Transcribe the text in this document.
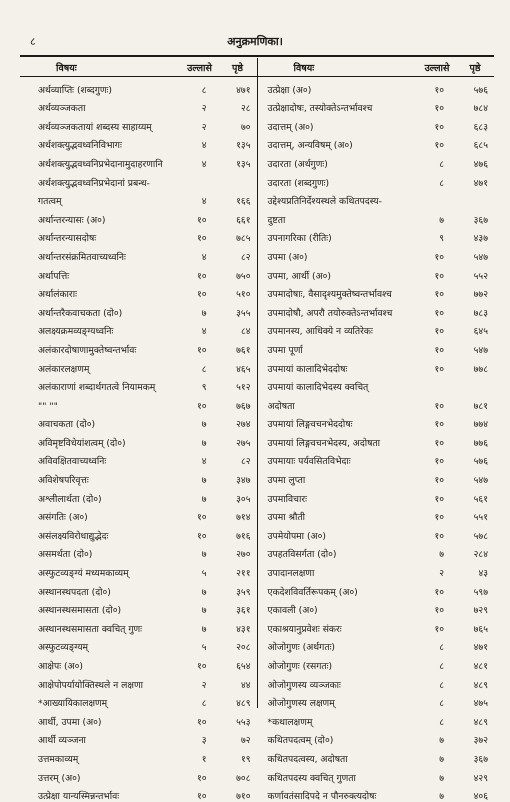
८	अनुक्रमणिका।
विषयः	उल्लासे	पृष्ठे
अर्थव्याप्तिः (शब्दगुणः)	८	४७१
अर्थव्यञ्जकता	२	२८
अर्थव्यञ्जकतायां शब्दस्य साहाय्यम्	२	७०
अर्थशक्त्युद्भवध्वनिविभागः	४	१३५
अर्थशक्त्युद्भवध्वनिप्रभेदानामुदाहरणानि	४	१३५
अर्थशक्त्युद्भवध्वनिप्रभेदानां प्रबन्ध-
गतत्वम्	४	१६६
अर्थान्तरन्यासः (अ०)	१०	६६१
अर्थान्तरन्यासदोषः	१०	७८५
अर्थान्तरसंक्रमितवाच्यध्वनिः	४	८२
अर्थापत्तिः	१०	७५०
अर्थालंकाराः	१०	५१०
अर्थान्तरैकवाचकता (दो०)	७	३५५
अलक्ष्यक्रमव्यङ्ग्यध्वनिः	४	८४
अलंकारदोषाणामुक्तेष्वन्तर्भावः	१०	७६१
अलंकारलक्षणम्	८	४६५
अलंकाराणां शब्दार्थगतत्वे नियामकम्	९	५१२
"" ""	१०	७६७
अवाचकता (दो०)	७	२७४
अविमृष्टविधेयांशत्वम् (दो०)	७	२७५
अविवक्षितवाच्यध्वनिः	४	८२
अविशेषपरिवृत्तः	७	३४७
अश्लीलार्थता (दो०)	७	३०५
असंगतिः (अ०)	१०	७१४
असंलक्ष्यविरोधाद्युद्भेदः	१०	७१६
असमर्थता (दो०)	७	२७०
अस्फुटव्यङ्ग्यं मध्यमकाव्यम्	५	२११
अस्थानस्थपदता (दो०)	७	३५९
अस्थानस्थसमासता (दो०)	७	३६१
अस्थानस्थसमासता क्वचित् गुणः	७	४३१
अस्फुटव्यङ्ग्यम्	५	२०८
आक्षेपः (अ०)	१०	६५४
आक्षेपोपर्यायोक्तिस्थले न लक्षणा	२	४४
*आख्यायिकालक्षणम्	८	४८९
आर्थी, उपमा (अ०)	१०	५५३
आर्थी व्यञ्जना	३	७२
उत्तमकाव्यम्	१	१९
उत्तरम् (अ०)	१०	७०८
उत्प्रेक्षा यान्यस्मिन्नन्तर्भावः	१०	७१०
विषयः	उल्लासे	पृष्ठे
उत्प्रेक्षा (अ०)	१०	५७६
उत्प्रेक्षादोषः, तस्योक्तेऽन्तर्भावश्च	१०	७८४
उदात्तम् (अ०)	१०	६८३
उदात्तम्, अन्यविषम् (अ०)	१०	६८५
उदारता (अर्थगुणः)	८	४७६
उदारता (शब्दगुणः)	८	४७१
उद्देश्यप्रतिनिर्देश्यस्थले कथितपदस्य-
दुष्टता	७	३६७
उपनागरिका (रीतिः)	९	४३७
उपमा (अ०)	१०	५४७
उपमा, आर्थी (अ०)	१०	५५२
उपमादोषाः, वैसादृश्यमुक्तेष्वन्तर्भावश्च	१०	७७२
उपमादोषौ, अपरौ तयोरुक्तेऽन्तर्भावश्च	१०	७८३
उपमानस्य, आधिक्ये न व्यतिरेकः	१०	६४५
उपमा पूर्णा	१०	५४७
उपमायां कालादिभेददोषः	१०	७७८
उपमायां कालादिभेदस्य क्वचित्
अदोषता	१०	७८१
उपमायां लिङ्गवचनभेददोषः	१०	७७४
उपमायां लिङ्गवचनभेदस्य, अदोषता	१०	७७६
उपमायाः पर्यवसितविभेदाः	१०	५७६
उपमा लुप्ता	१०	५४७
उपमाविचारः	१०	५६१
उपमा श्रौती	१०	५५१
उपमेयोपमा (अ०)	१०	५७८
उपहतविसर्गता (दो०)	७	२८४
उपादानलक्षणा	२	४३
एकदेशविवर्तिरूपकम् (अ०)	१०	५९७
एकावली (अ०)	१०	७२९
एकाश्रयानुप्रवेशः संकरः	१०	७६५
ओजोगुणः (अर्थगतः)	८	४७१
ओजोगुणः (रसगतः)	८	४८१
ओजोगुणस्य व्यञ्जकाः	८	४८९
ओजोगुणस्य लक्षणम्	८	४७५
*कथालक्षणम्	८	४८९
कथितपदत्वम् (दो०)	७	३७२
कथितपदत्वस्य, अदोषता	७	३६७
कथितपदस्य क्वचित् गुणता	७	४२९
कर्णावतंसादिपदे न पौनरुक्त्यदोषः	७	४०६
